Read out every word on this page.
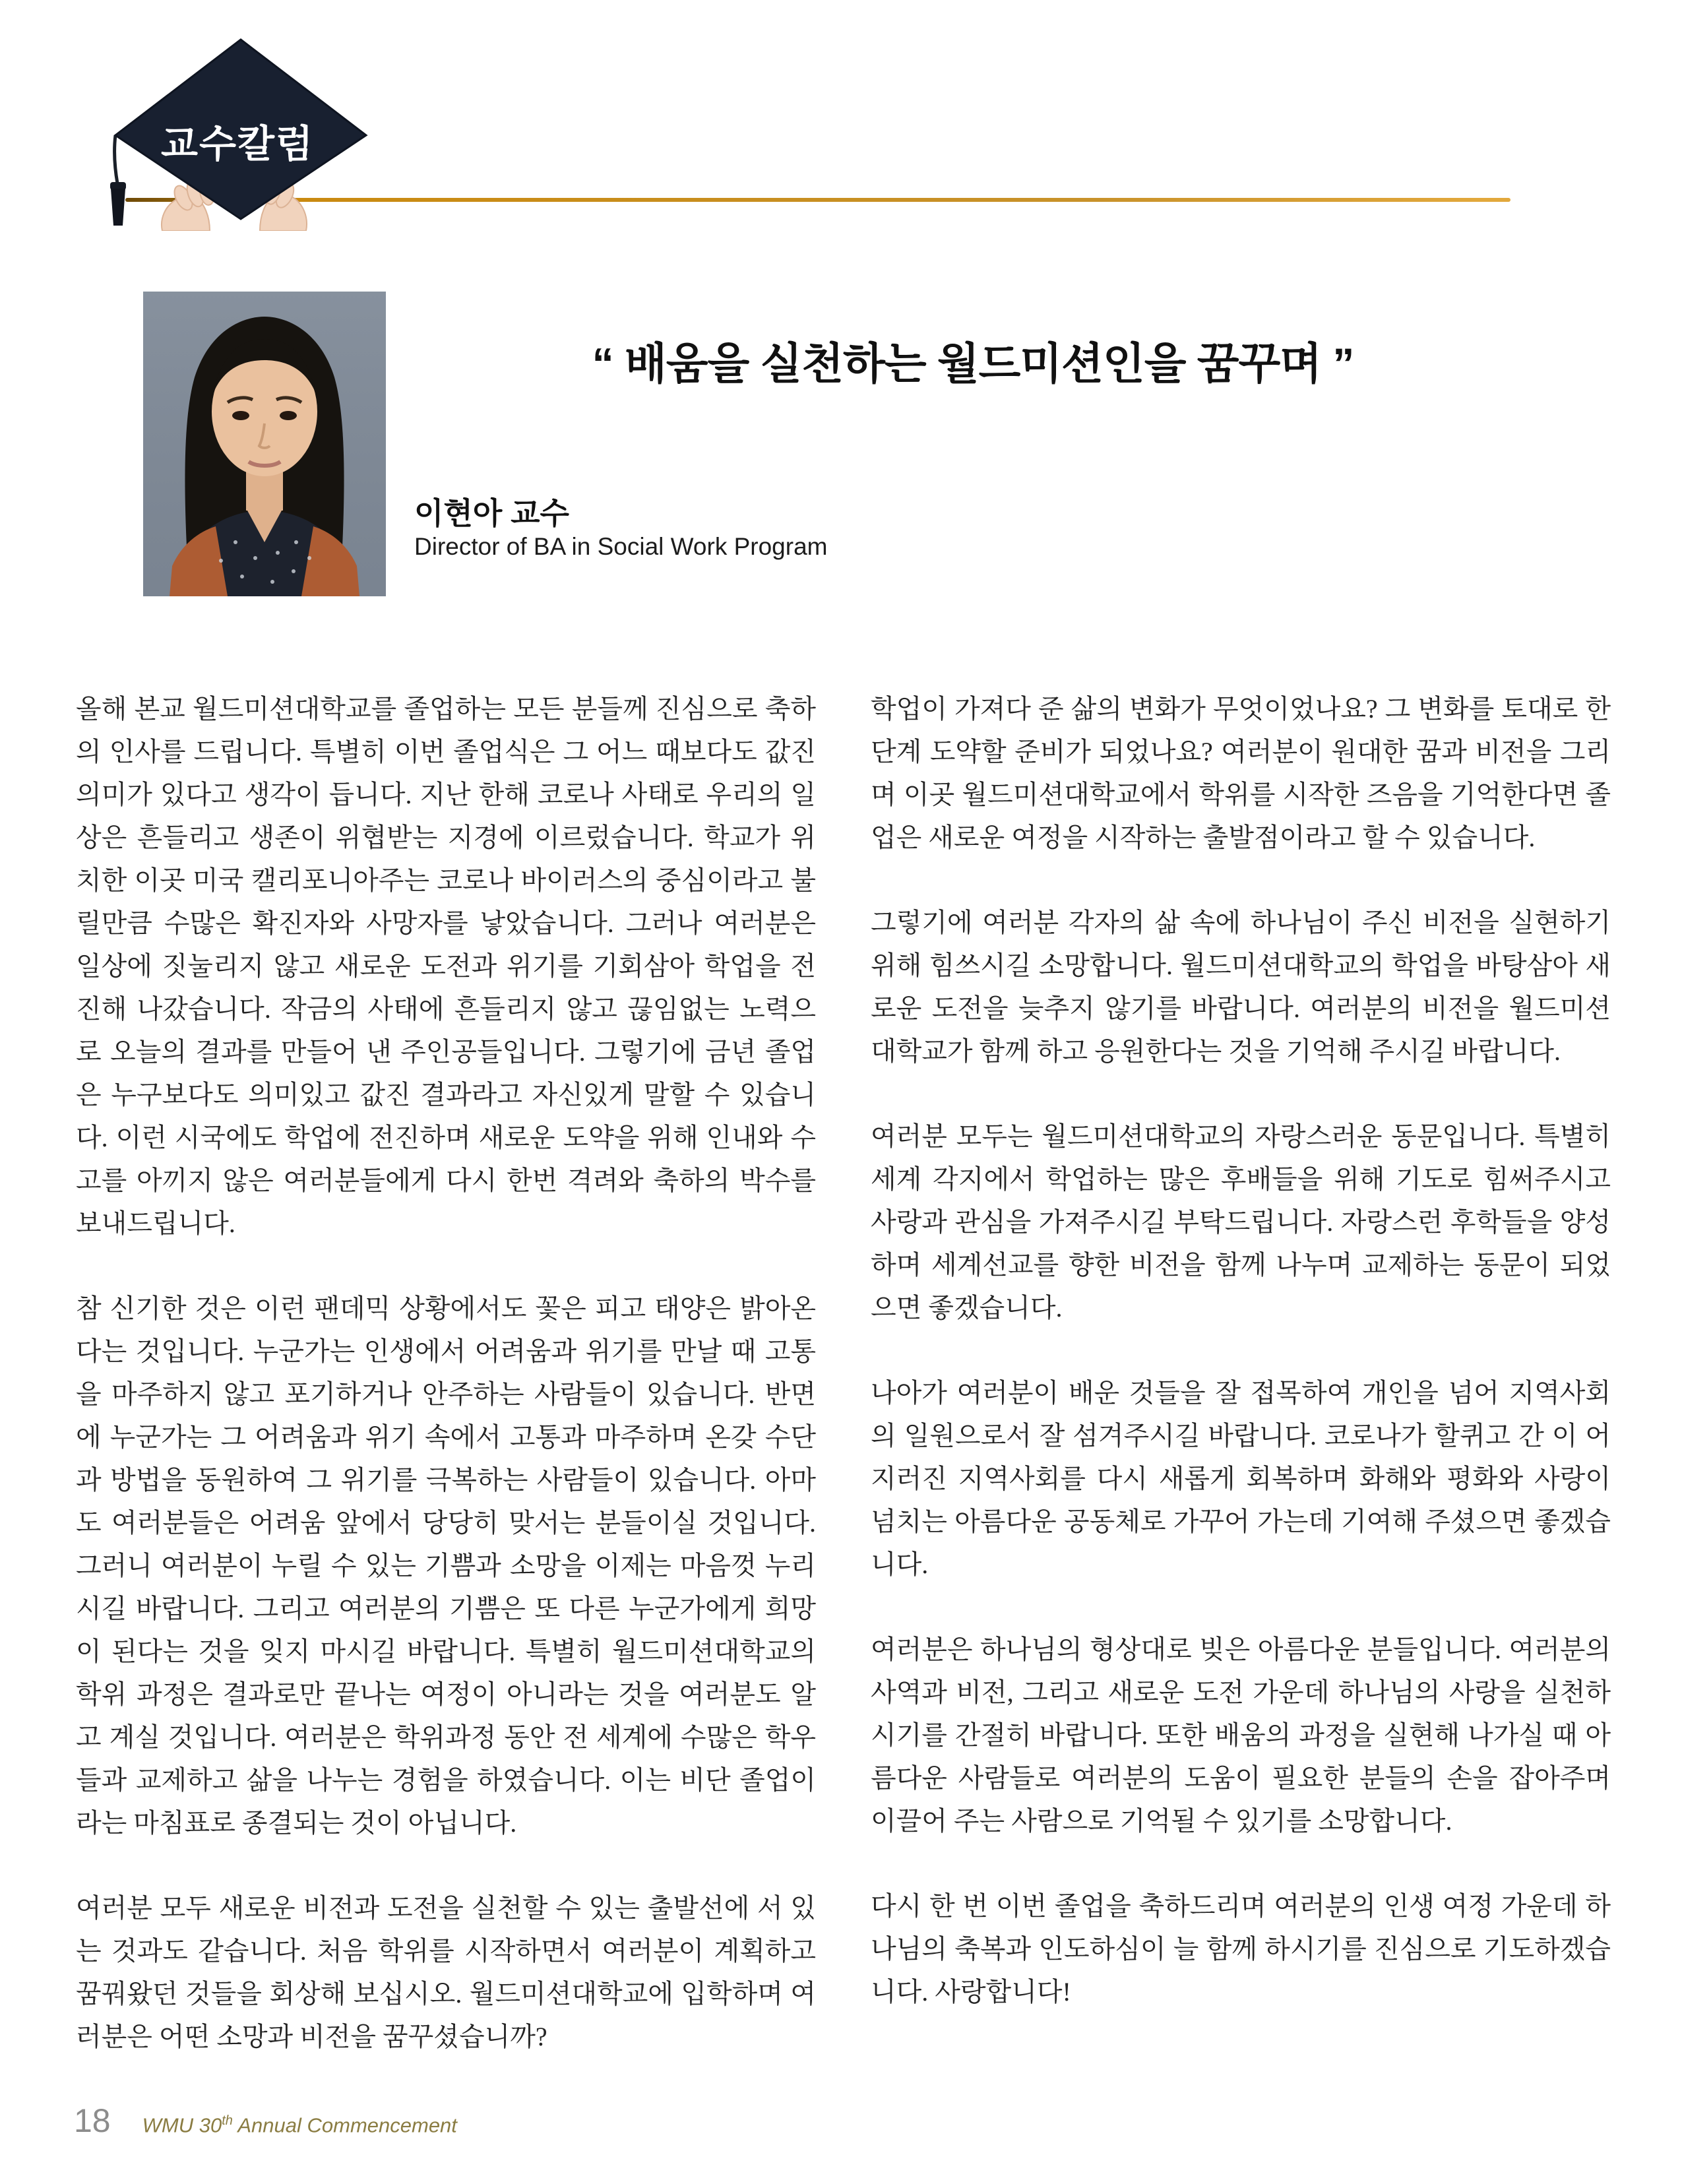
교수칼럼
“ 배움을 실천하는 월드미션인을 꿈꾸며 ”
이현아 교수
Director of BA in Social Work Program

올해 본교 월드미션대학교를 졸업하는 모든 분들께 진심으로 축하의 인사를 드립니다. 특별히 이번 졸업식은 그 어느 때보다도 값진 의미가 있다고 생각이 듭니다. 지난 한해 코로나 사태로 우리의 일상은 흔들리고 생존이 위협받는 지경에 이르렀습니다. 학교가 위치한 이곳 미국 캘리포니아주는 코로나 바이러스의 중심이라고 불릴만큼 수많은 확진자와 사망자를 낳았습니다. 그러나 여러분은 일상에 짓눌리지 않고 새로운 도전과 위기를 기회삼아 학업을 전진해 나갔습니다. 작금의 사태에 흔들리지 않고 끊임없는 노력으로 오늘의 결과를 만들어 낸 주인공들입니다. 그렇기에 금년 졸업은 누구보다도 의미있고 값진 결과라고 자신있게 말할 수 있습니다. 이런 시국에도 학업에 전진하며 새로운 도약을 위해 인내와 수고를 아끼지 않은 여러분들에게 다시 한번 격려와 축하의 박수를 보내드립니다.

참 신기한 것은 이런 팬데믹 상황에서도 꽃은 피고 태양은 밝아온다는 것입니다. 누군가는 인생에서 어려움과 위기를 만날 때 고통을 마주하지 않고 포기하거나 안주하는 사람들이 있습니다. 반면에 누군가는 그 어려움과 위기 속에서 고통과 마주하며 온갖 수단과 방법을 동원하여 그 위기를 극복하는 사람들이 있습니다. 아마도 여러분들은 어려움 앞에서 당당히 맞서는 분들이실 것입니다. 그러니 여러분이 누릴 수 있는 기쁨과 소망을 이제는 마음껏 누리시길 바랍니다. 그리고 여러분의 기쁨은 또 다른 누군가에게 희망이 된다는 것을 잊지 마시길 바랍니다. 특별히 월드미션대학교의 학위 과정은 결과로만 끝나는 여정이 아니라는 것을 여러분도 알고 계실 것입니다. 여러분은 학위과정 동안 전 세계에 수많은 학우들과 교제하고 삶을 나누는 경험을 하였습니다. 이는 비단 졸업이라는 마침표로 종결되는 것이 아닙니다.

여러분 모두 새로운 비전과 도전을 실천할 수 있는 출발선에 서 있는 것과도 같습니다. 처음 학위를 시작하면서 여러분이 계획하고 꿈꿔왔던 것들을 회상해 보십시오. 월드미션대학교에 입학하며 여러분은 어떤 소망과 비전을 꿈꾸셨습니까?

학업이 가져다 준 삶의 변화가 무엇이었나요? 그 변화를 토대로 한 단계 도약할 준비가 되었나요? 여러분이 원대한 꿈과 비전을 그리며 이곳 월드미션대학교에서 학위를 시작한 즈음을 기억한다면 졸업은 새로운 여정을 시작하는 출발점이라고 할 수 있습니다.

그렇기에 여러분 각자의 삶 속에 하나님이 주신 비전을 실현하기 위해 힘쓰시길 소망합니다. 월드미션대학교의 학업을 바탕삼아 새로운 도전을 늦추지 않기를 바랍니다. 여러분의 비전을 월드미션대학교가 함께 하고 응원한다는 것을 기억해 주시길 바랍니다.

여러분 모두는 월드미션대학교의 자랑스러운 동문입니다. 특별히 세계 각지에서 학업하는 많은 후배들을 위해 기도로 힘써주시고 사랑과 관심을 가져주시길 부탁드립니다. 자랑스런 후학들을 양성하며 세계선교를 향한 비전을 함께 나누며 교제하는 동문이 되었으면 좋겠습니다.

나아가 여러분이 배운 것들을 잘 접목하여 개인을 넘어 지역사회의 일원으로서 잘 섬겨주시길 바랍니다. 코로나가 할퀴고 간 이 어지러진 지역사회를 다시 새롭게 회복하며 화해와 평화와 사랑이 넘치는 아름다운 공동체로 가꾸어 가는데 기여해 주셨으면 좋겠습니다.

여러분은 하나님의 형상대로 빚은 아름다운 분들입니다. 여러분의 사역과 비전, 그리고 새로운 도전 가운데 하나님의 사랑을 실천하시기를 간절히 바랍니다. 또한 배움의 과정을 실현해 나가실 때 아름다운 사람들로 여러분의 도움이 필요한 분들의 손을 잡아주며 이끌어 주는 사람으로 기억될 수 있기를 소망합니다.

다시 한 번 이번 졸업을 축하드리며 여러분의 인생 여정 가운데 하나님의 축복과 인도하심이 늘 함께 하시기를 진심으로 기도하겠습니다. 사랑합니다!

18 WMU 30th Annual Commencement
